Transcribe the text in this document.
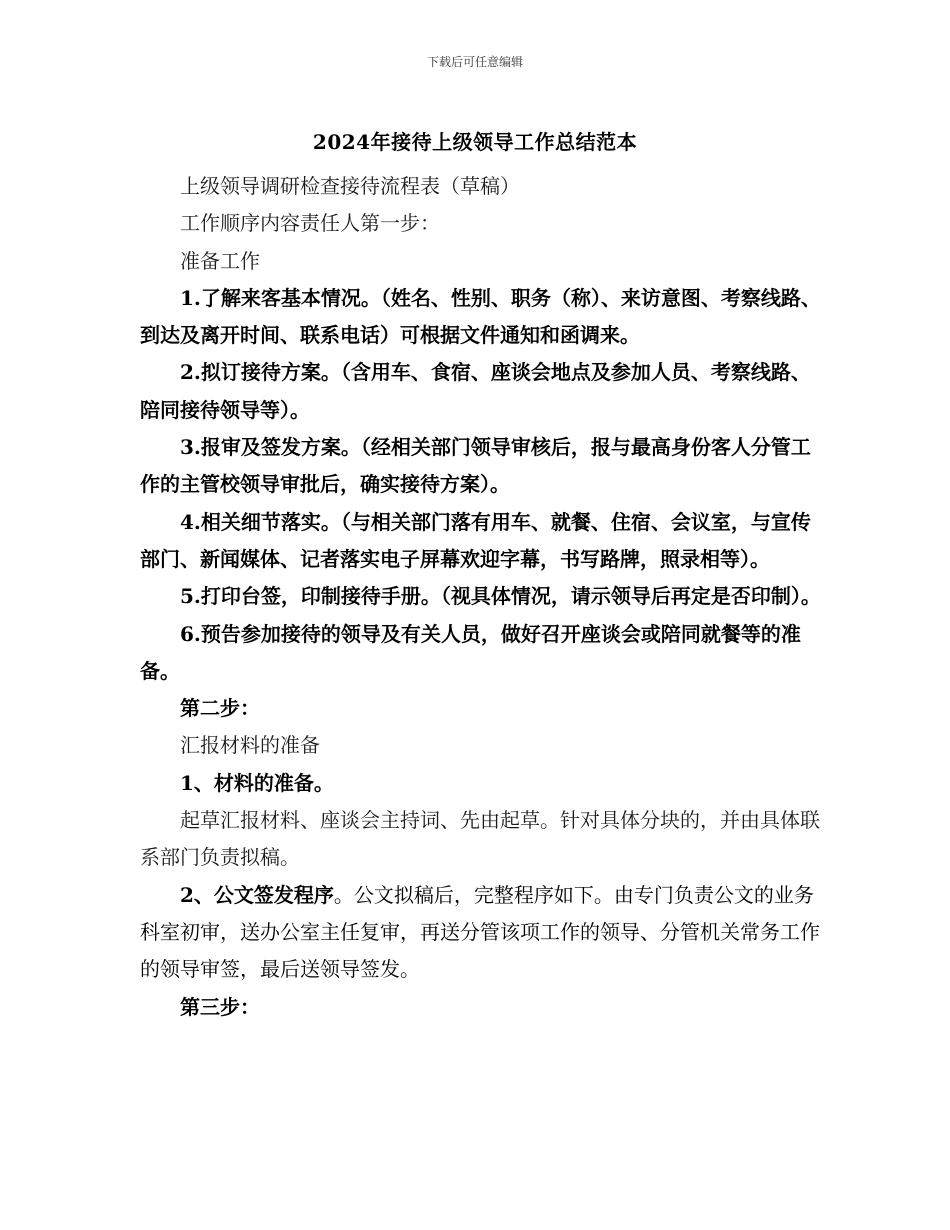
下载后可任意编辑
2024年接待上级领导工作总结范本

上级领导调研检查接待流程表（草稿）

工作顺序内容责任人第一步：

准备工作

1.了解来客基本情况。（姓名、性别、职务（称）、来访意图、考察线路、到达及离开时间、联系电话）可根据文件通知和函调来。

2.拟订接待方案。（含用车、食宿、座谈会地点及参加人员、考察线路、陪同接待领导等）。

3.报审及签发方案。（经相关部门领导审核后，报与最高身份客人分管工作的主管校领导审批后，确实接待方案）。

4.相关细节落实。（与相关部门落有用车、就餐、住宿、会议室，与宣传部门、新闻媒体、记者落实电子屏幕欢迎字幕，书写路牌，照录相等）。

5.打印台签，印制接待手册。（视具体情况，请示领导后再定是否印制）。

6.预告参加接待的领导及有关人员，做好召开座谈会或陪同就餐等的准备。

第二步：

汇报材料的准备

1、材料的准备。

起草汇报材料、座谈会主持词、先由起草。针对具体分块的，并由具体联系部门负责拟稿。

2、公文签发程序。公文拟稿后，完整程序如下。由专门负责公文的业务科室初审，送办公室主任复审，再送分管该项工作的领导、分管机关常务工作的领导审签，最后送领导签发。

第三步：
